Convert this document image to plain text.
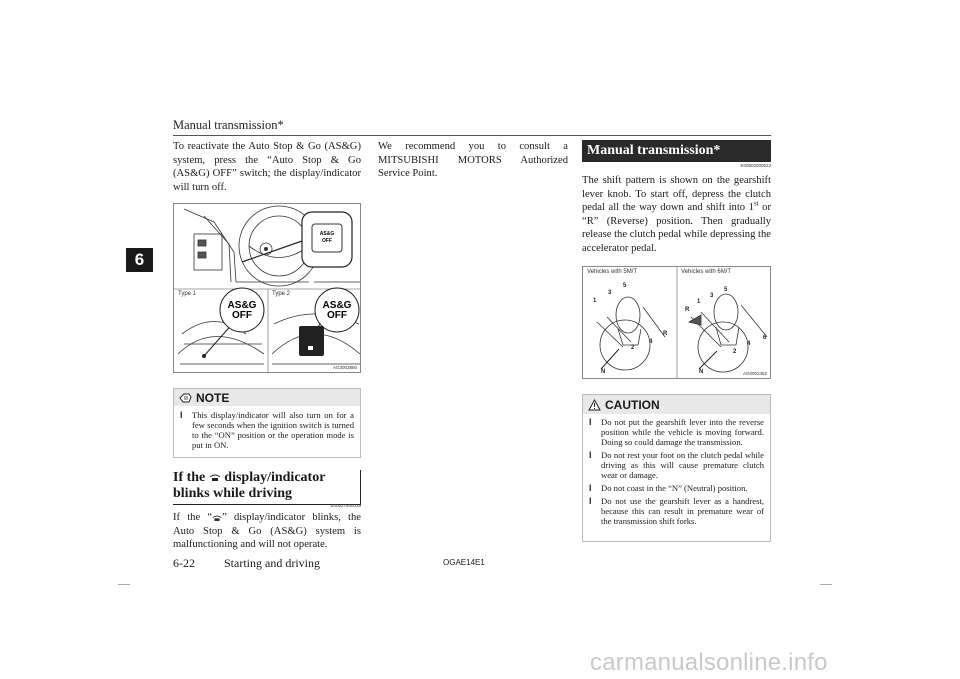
Manual transmission*
6

To reactivate the Auto Stop & Go (AS&G) system, press the “Auto Stop & Go (AS&G) OFF” switch; the display/indicator will turn off.

AS&G
OFF
AS&G
OFF
AS&G
OFF
Type 1	Type 2
AG3003880
NOTE
l	This display/indicator will also turn on for a few seconds when the ignition switch is turned to the “ON” position or the operation mode is put in ON.

If the display/indicator
blinks while driving
E00627800039

If the “ ” display/indicator blinks, the Auto Stop & Go (AS&G) system is malfunctioning and will not operate.

We recommend you to consult a MITSUBISHI MOTORS Authorized Service Point.

Manual transmission*
E00602000623

The shift pattern is shown on the gearshift lever knob. To start off, depress the clutch pedal all the way down and shift into 1st or “R” (Reverse) position. Then gradually release the clutch pedal while depressing the accelerator pedal.

1
3
5
2
4
R
N
R
1
3
5
2
4
6
N
Vehicles with 5M/T	Vehicles with 6M/T
AG0002452
CAUTION
l	Do not put the gearshift lever into the reverse position while the vehicle is moving forward. Doing so could damage the transmission.

l	Do not rest your foot on the clutch pedal while driving as this will cause premature clutch wear or damage.

l	Do not coast in the “N” (Neutral) position.

l	Do not use the gearshift lever as a handrest, because this can result in premature wear of the transmission shift forks.

6-22 Starting and driving	OGAE14E1
carmanualsonline.info
